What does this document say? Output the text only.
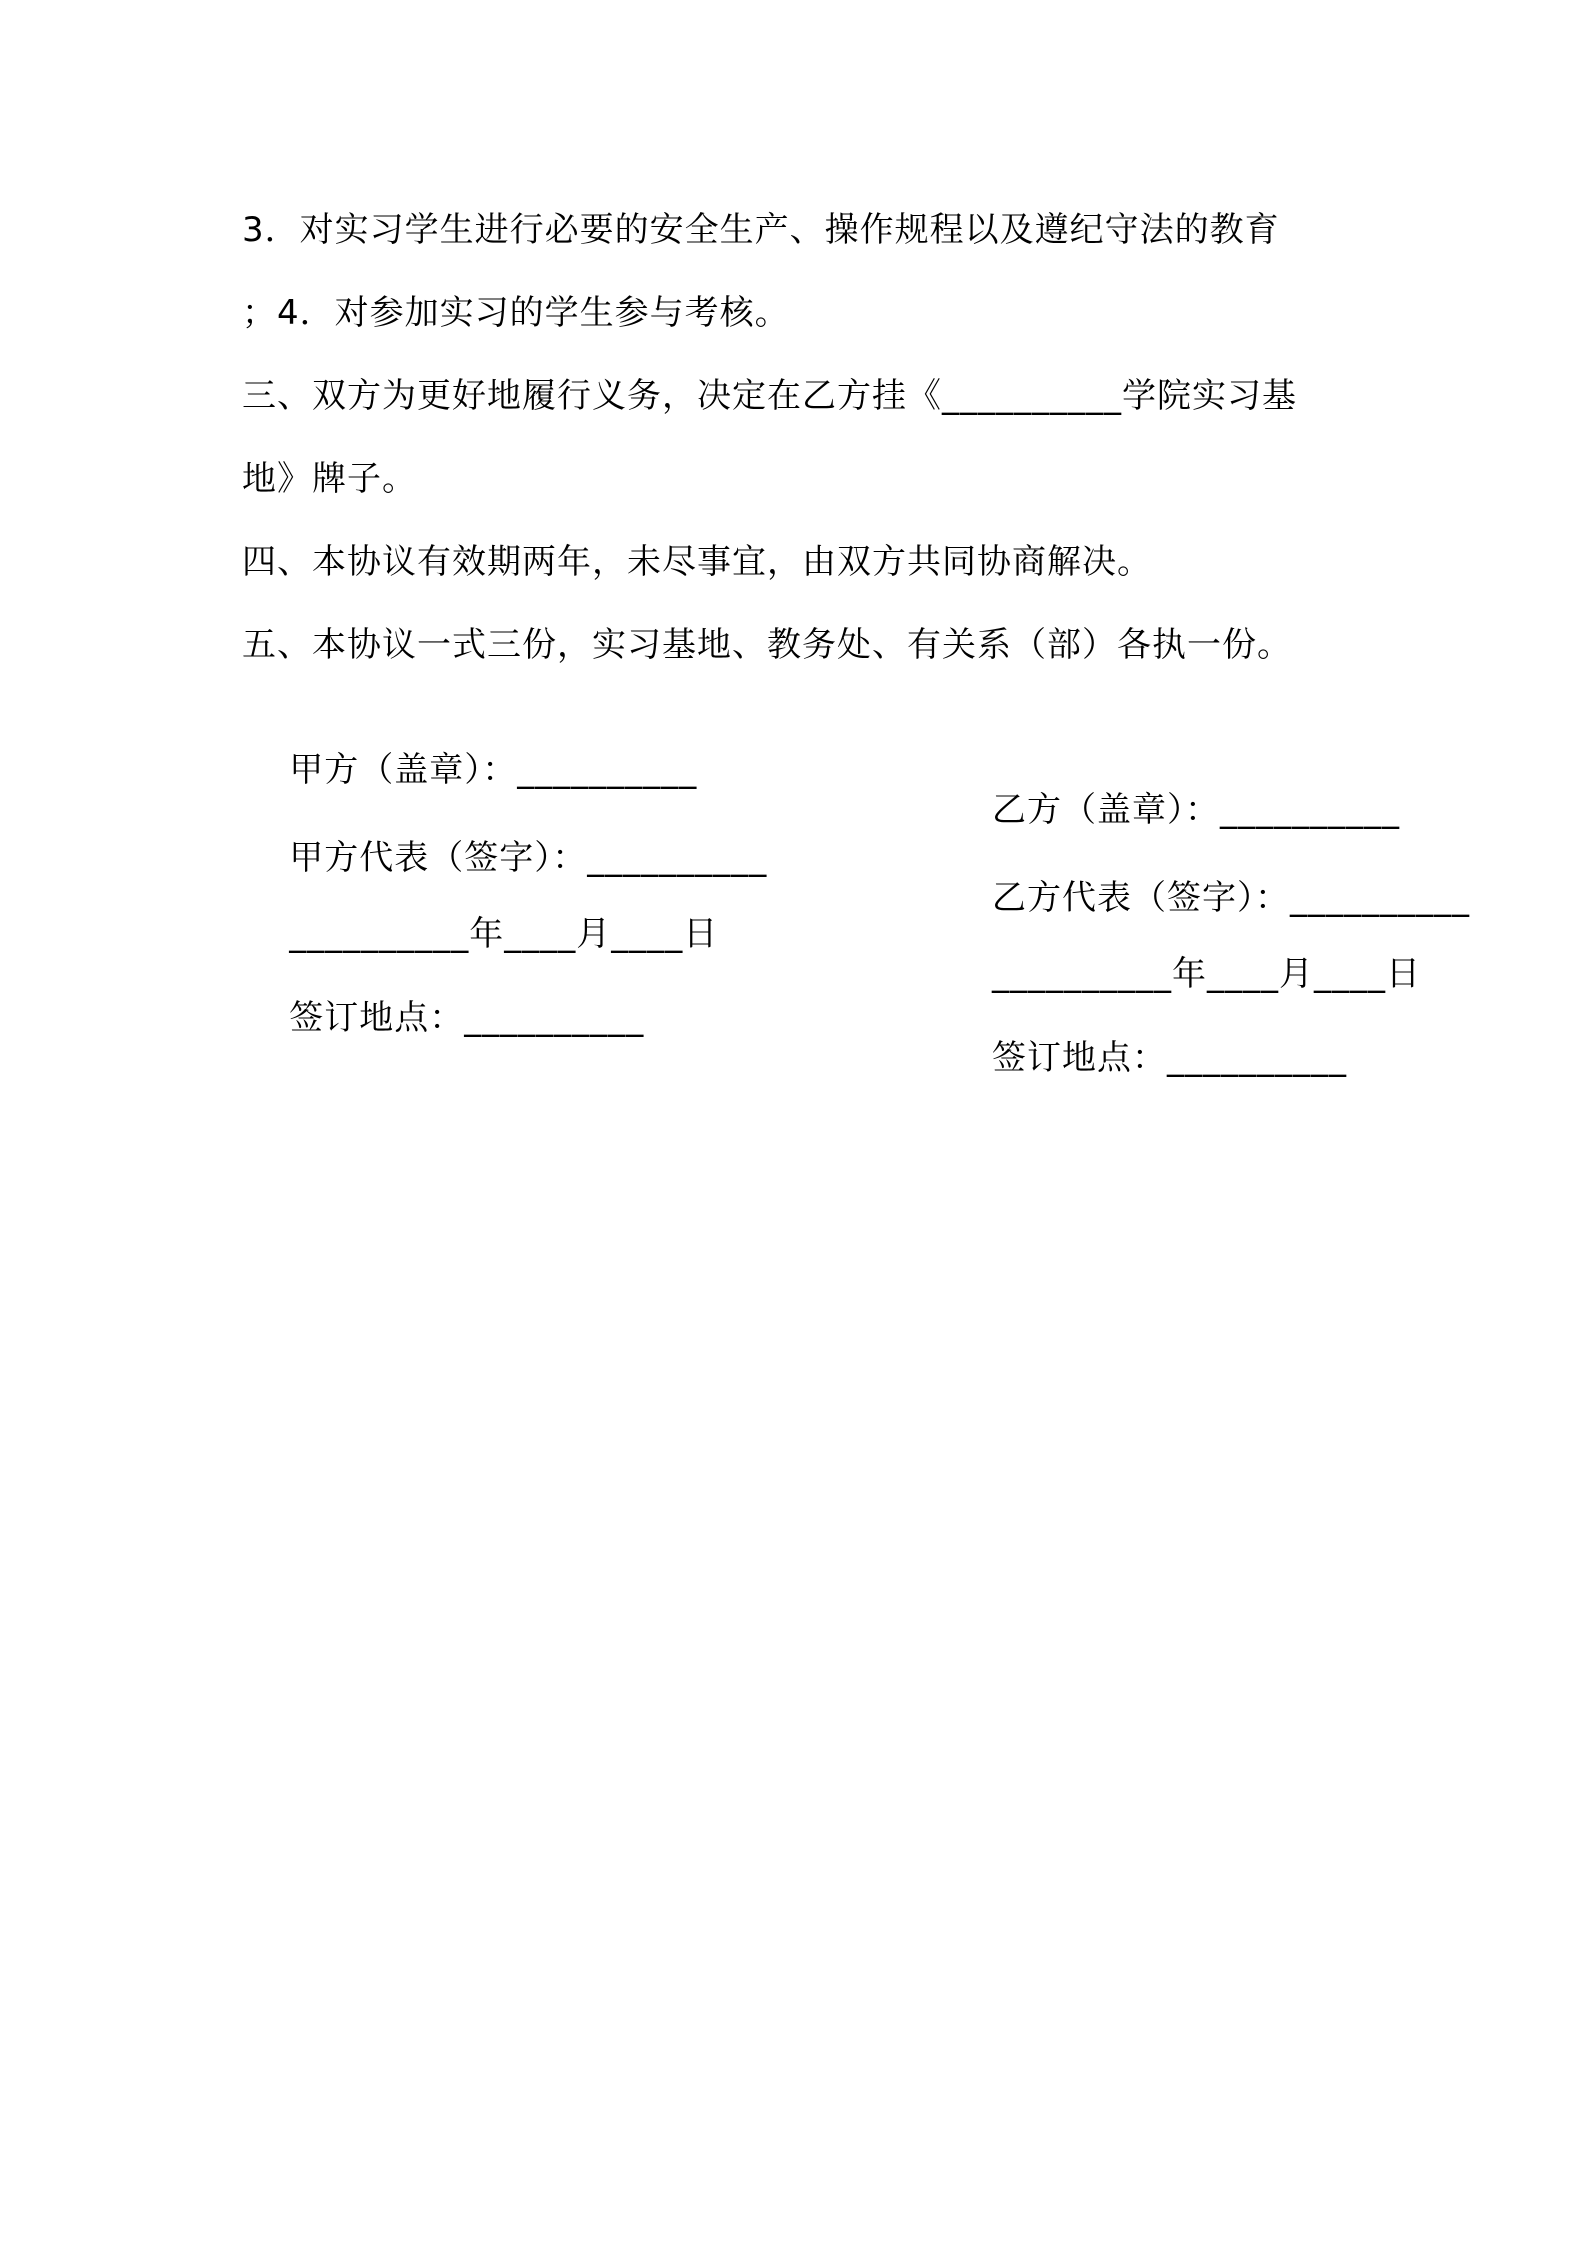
3．对实习学生进行必要的安全生产、操作规程以及遵纪守法的教育
；4．对参加实习的学生参与考核。
三、双方为更好地履行义务，决定在乙方挂《__________学院实习基
地》牌子。
四、本协议有效期两年，未尽事宜，由双方共同协商解决。
五、本协议一式三份，实习基地、教务处、有关系（部）各执一份。

甲方（盖章）：__________

乙方（盖章）：__________

甲方代表（签字）：__________

乙方代表（签字）：__________

__________年____月____日

__________年____月____日

签订地点：__________

签订地点：__________
